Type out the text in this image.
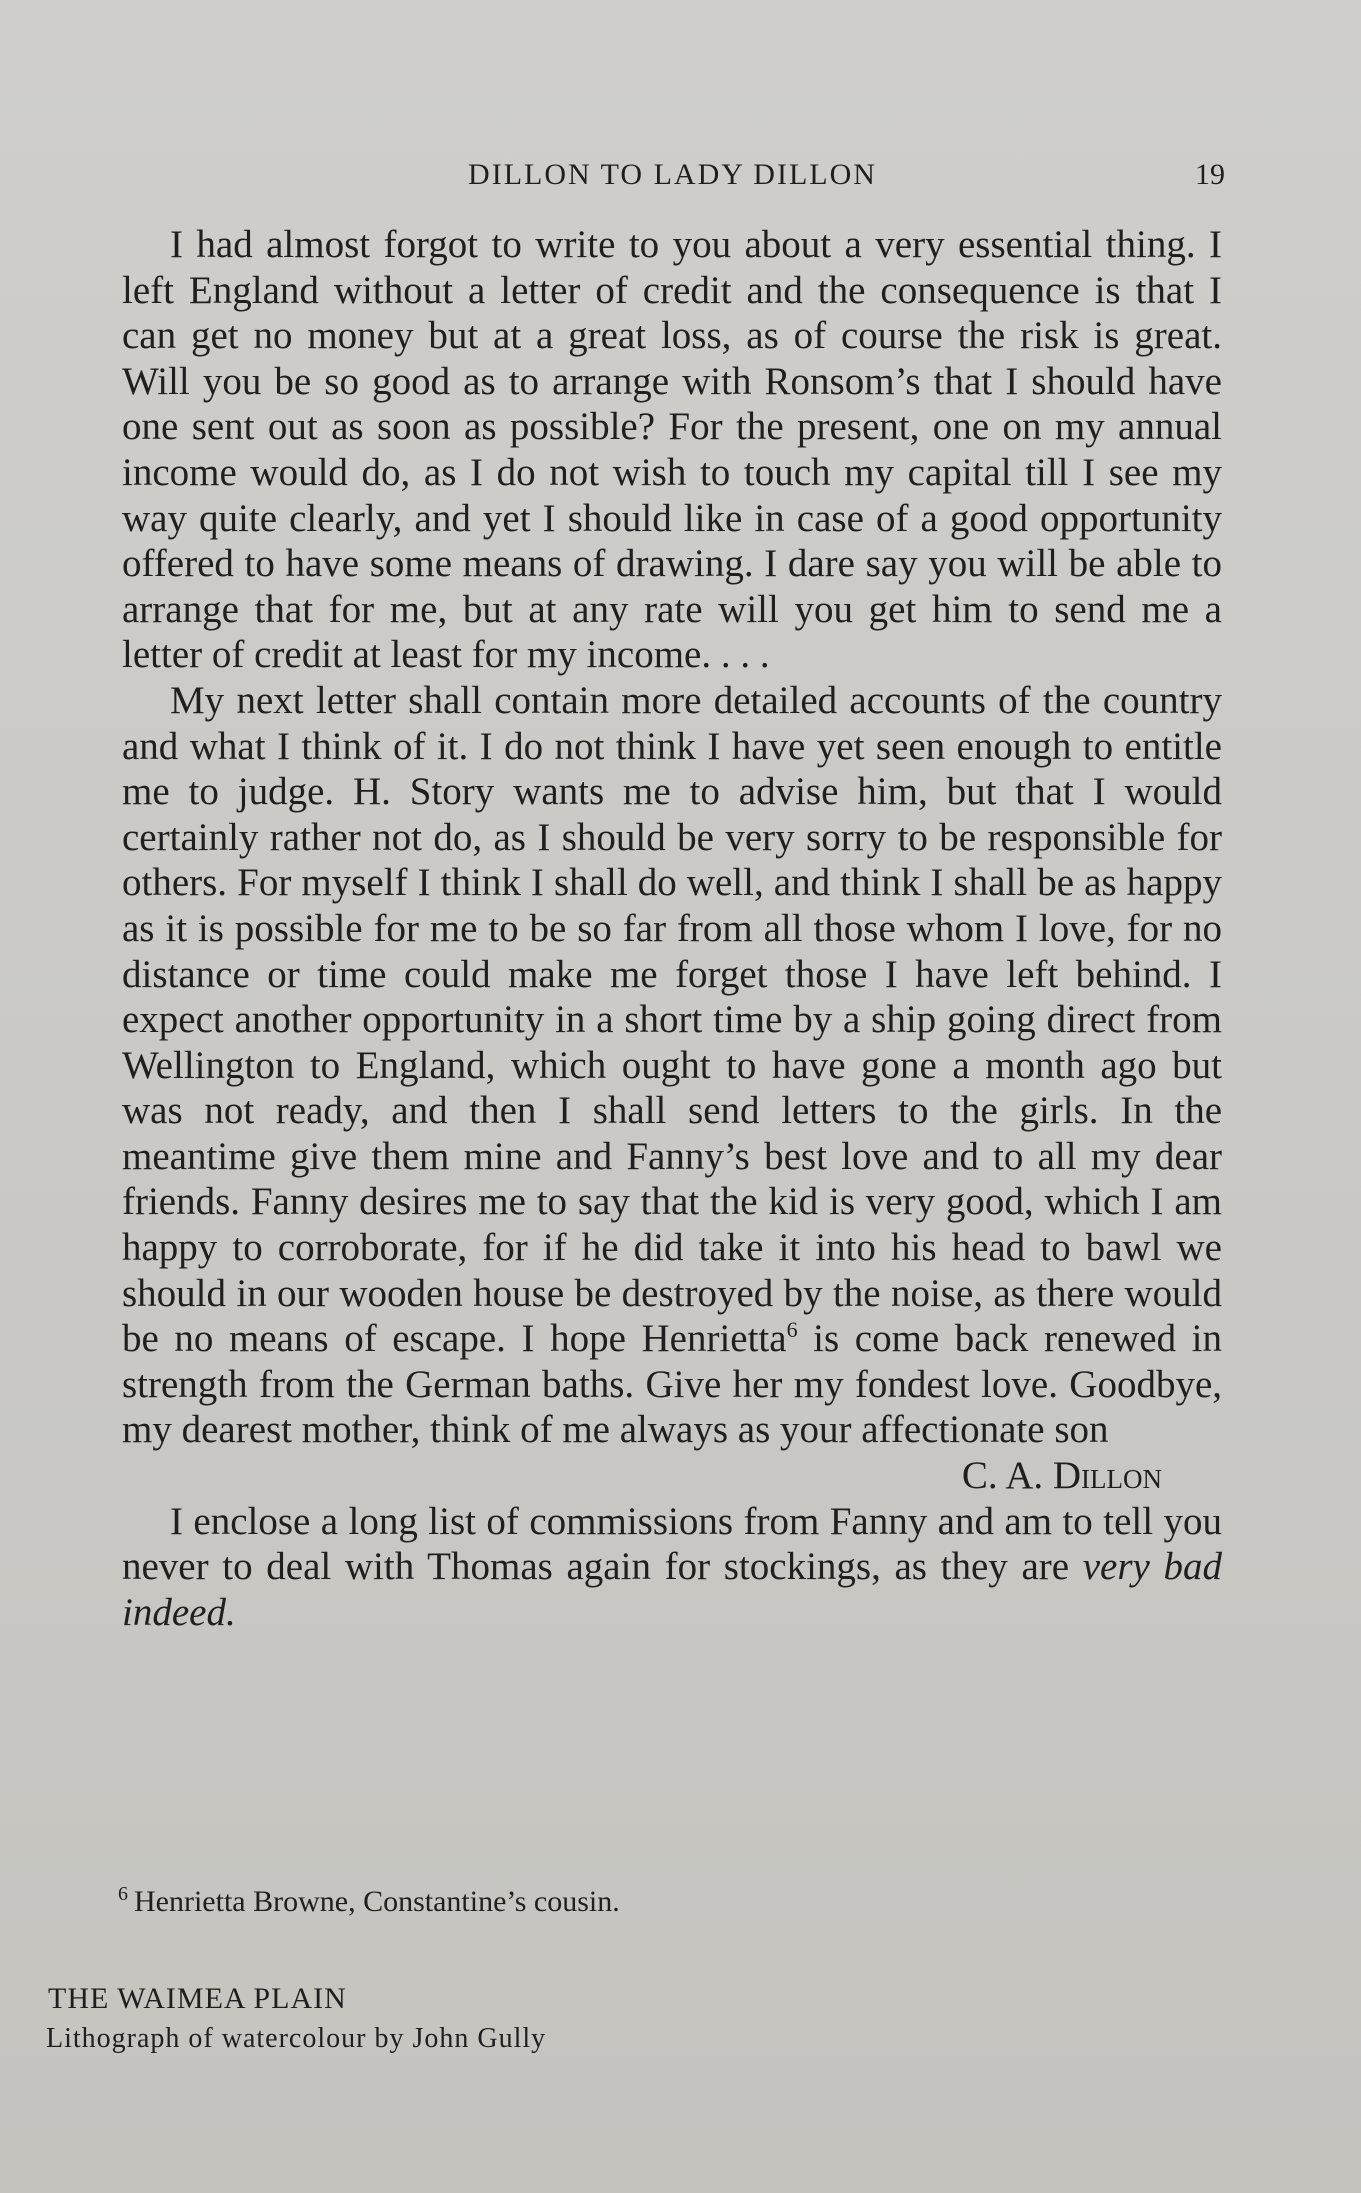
DILLON TO LADY DILLON	19

I had almost forgot to write to you about a very essential thing. I left England without a letter of credit and the consequence is that I can get no money but at a great loss, as of course the risk is great. Will you be so good as to arrange with Ronsom’s that I should have one sent out as soon as possible? For the present, one on my annual income would do, as I do not wish to touch my capital till I see my way quite clearly, and yet I should like in case of a good opportunity offered to have some means of drawing. I dare say you will be able to arrange that for me, but at any rate will you get him to send me a letter of credit at least for my income. . . .

My next letter shall contain more detailed accounts of the country and what I think of it. I do not think I have yet seen enough to entitle me to judge. H. Story wants me to advise him, but that I would certainly rather not do, as I should be very sorry to be responsible for others. For myself I think I shall do well, and think I shall be as happy as it is possible for me to be so far from all those whom I love, for no distance or time could make me forget those I have left behind. I expect another opportunity in a short time by a ship going direct from Wellington to England, which ought to have gone a month ago but was not ready, and then I shall send letters to the girls. In the meantime give them mine and Fanny’s best love and to all my dear friends. Fanny desires me to say that the kid is very good, which I am happy to corroborate, for if he did take it into his head to bawl we should in our wooden house be destroyed by the noise, as there would be no means of escape. I hope Henrietta$^6$ is come back renewed in strength from the German baths. Give her my fondest love. Goodbye, my dearest mother, think of me always as your affectionate son

C. A. Dillon

I enclose a long list of commissions from Fanny and am to tell you never to deal with Thomas again for stockings, as they are very bad indeed.

$^6$ Henrietta Browne, Constantine’s cousin.
THE WAIMEA PLAIN
Lithograph of watercolour by John Gully
